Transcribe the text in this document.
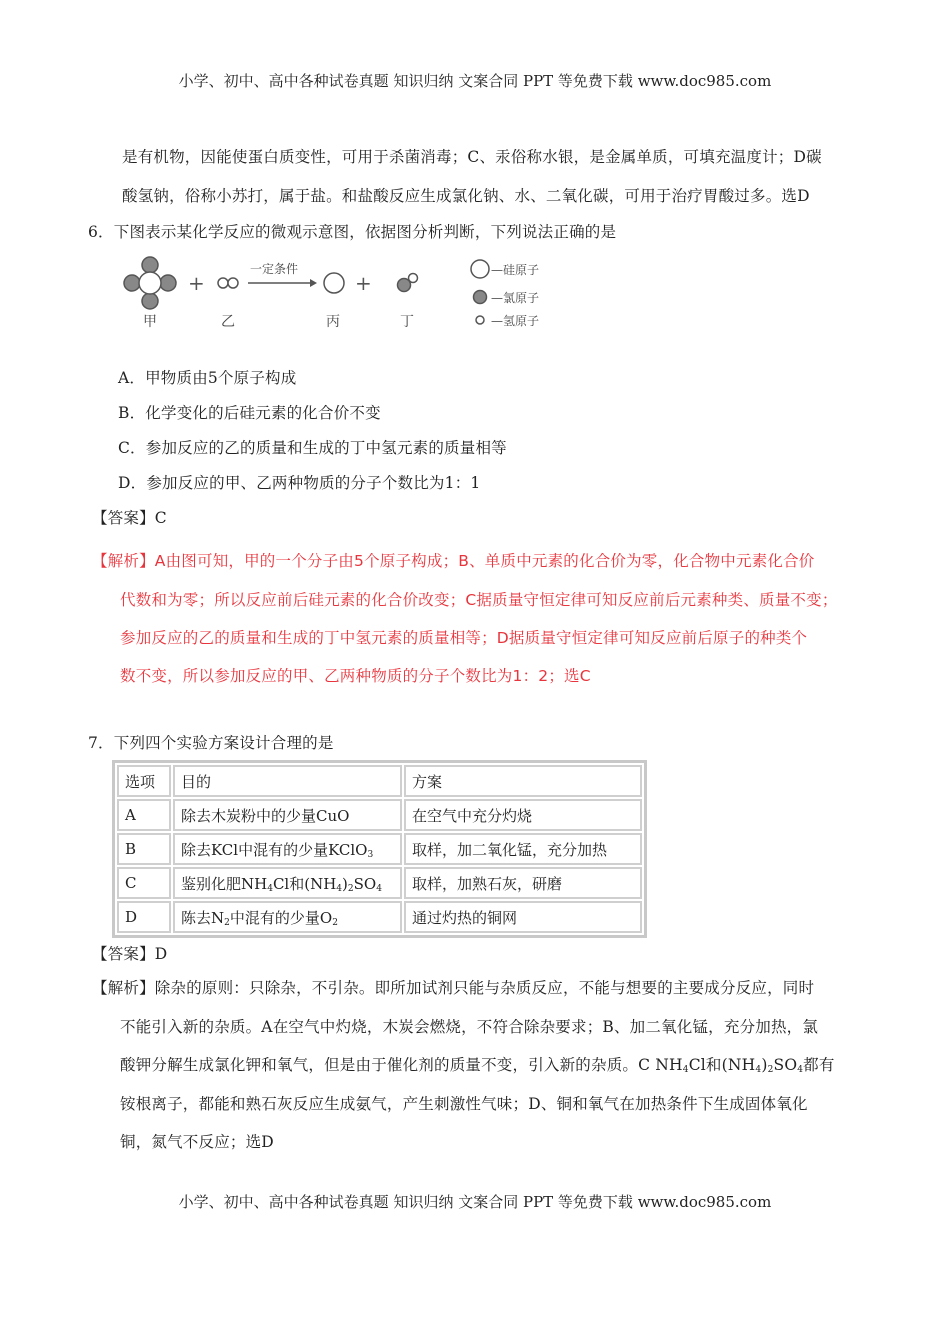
小学、初中、高中各种试卷真题 知识归纳 文案合同 PPT 等免费下载 www.doc985.com
是有机物，因能使蛋白质变性，可用于杀菌消毒；C、汞俗称水银，是金属单质，可填充温度计；D碳
酸氢钠，俗称小苏打，属于盐。和盐酸反应生成氯化钠、水、二氧化碳，可用于治疗胃酸过多。选D
6．下图表示某化学反应的微观示意图，依据图分析判断，下列说法正确的是
甲
+
乙
一定条件
丙
+
丁
—硅原子
—氯原子
—氢原子
A．甲物质由5个原子构成
B．化学变化的后硅元素的化合价不变
C．参加反应的乙的质量和生成的丁中氢元素的质量相等
D．参加反应的甲、乙两种物质的分子个数比为1：1
【答案】C
【解析】A由图可知，甲的一个分子由5个原子构成；B、单质中元素的化合价为零，化合物中元素化合价
代数和为零；所以反应前后硅元素的化合价改变；C据质量守恒定律可知反应前后元素种类、质量不变；
参加反应的乙的质量和生成的丁中氢元素的质量相等；D据质量守恒定律可知反应前后原子的种类个
数不变，所以参加反应的甲、乙两种物质的分子个数比为1：2；选C
7．下列四个实验方案设计合理的是
选项	目的	方案
A	除去木炭粉中的少量CuO	在空气中充分灼烧
B	除去KCl中混有的少量KClO$_3$	取样，加二氧化锰，充分加热
C	鉴别化肥$NH_4Cl$和$(NH_4)_2SO_4$	取样，加熟石灰，研磨
D	陈去$N_2$中混有的少量$O_2$	通过灼热的铜网
【答案】D
【解析】除杂的原则：只除杂，不引杂。即所加试剂只能与杂质反应，不能与想要的主要成分反应，同时
不能引入新的杂质。A在空气中灼烧，木炭会燃烧，不符合除杂要求；B、加二氧化锰，充分加热，氯
酸钾分解生成氯化钾和氧气，但是由于催化剂的质量不变，引入新的杂质。C $NH_4Cl$和$(NH_4)_2SO_4$都有
铵根离子，都能和熟石灰反应生成氨气，产生刺激性气味；D、铜和氧气在加热条件下生成固体氧化
铜，氮气不反应；选D
小学、初中、高中各种试卷真题 知识归纳 文案合同 PPT 等免费下载 www.doc985.com
